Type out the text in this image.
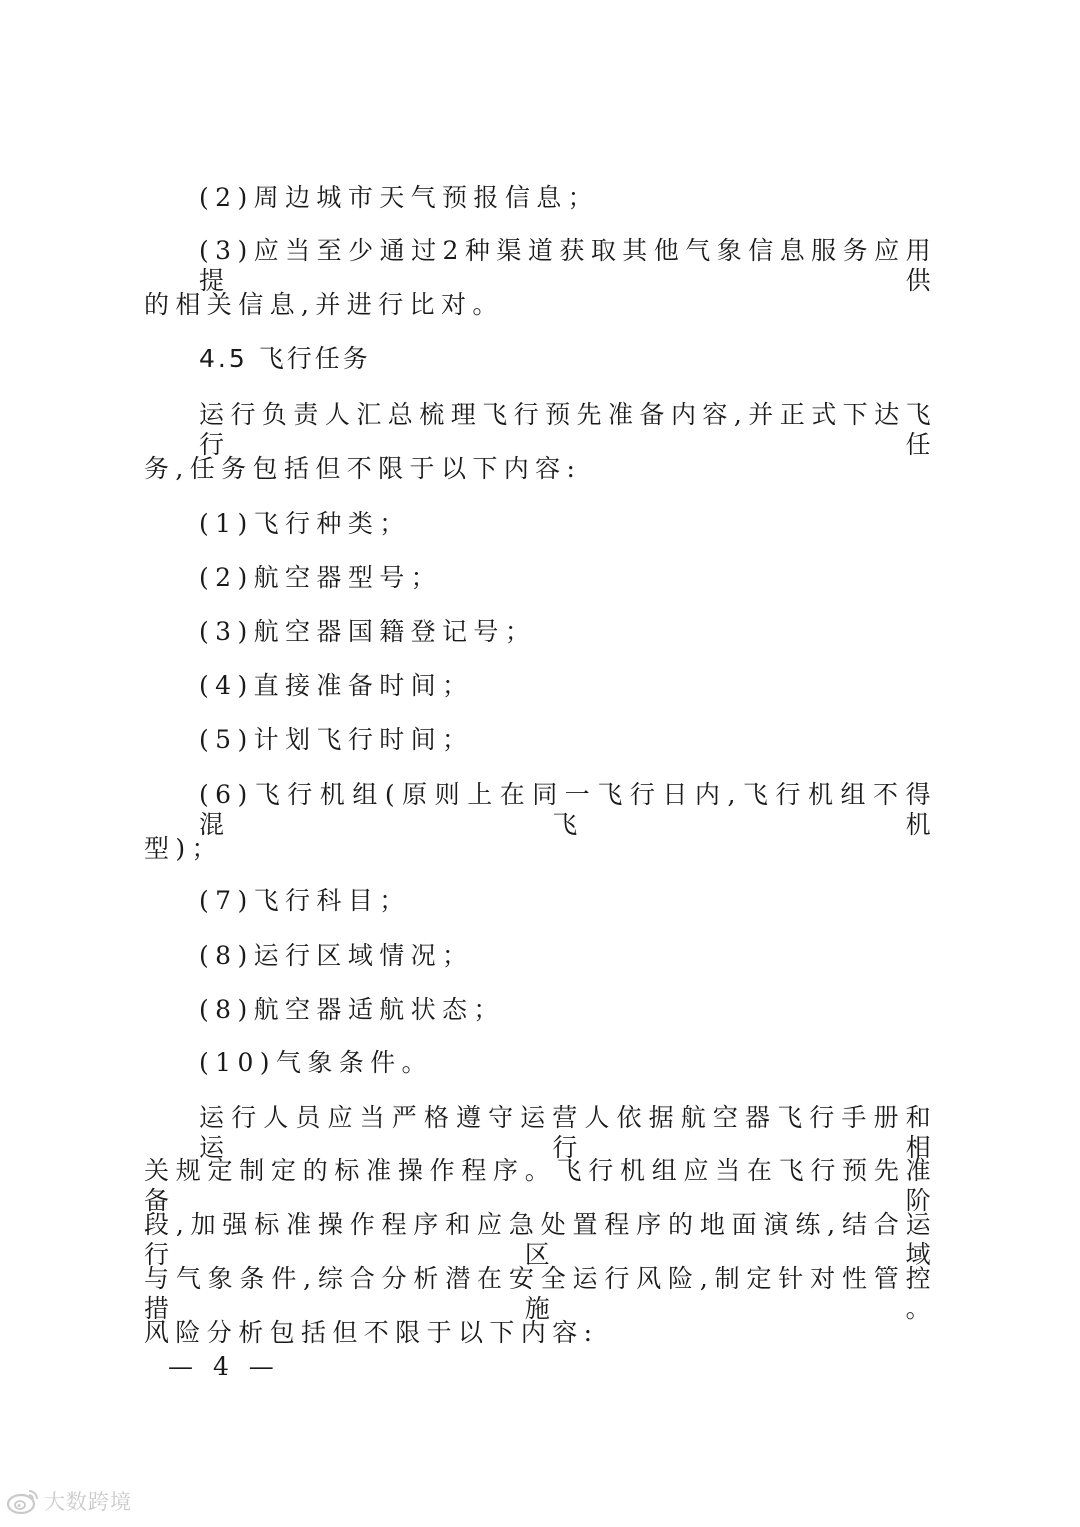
(2)周边城市天气预报信息；
(3)应当至少通过2种渠道获取其他气象信息服务应用提供
的相关信息,并进行比对。
4.5 飞行任务
运行负责人汇总梳理飞行预先准备内容,并正式下达飞行任
务,任务包括但不限于以下内容:
(1)飞行种类；
(2)航空器型号；
(3)航空器国籍登记号；
(4)直接准备时间；
(5)计划飞行时间；
(6)飞行机组(原则上在同一飞行日内,飞行机组不得混飞机
型)；
(7)飞行科目；
(8)运行区域情况；
(8)航空器适航状态；
(10)气象条件。
运行人员应当严格遵守运营人依据航空器飞行手册和运行相
关规定制定的标准操作程序。飞行机组应当在飞行预先准备阶
段,加强标准操作程序和应急处置程序的地面演练,结合运行区域
与气象条件,综合分析潜在安全运行风险,制定针对性管控措施。
风险分析包括但不限于以下内容:
— 4 —
大数跨境
